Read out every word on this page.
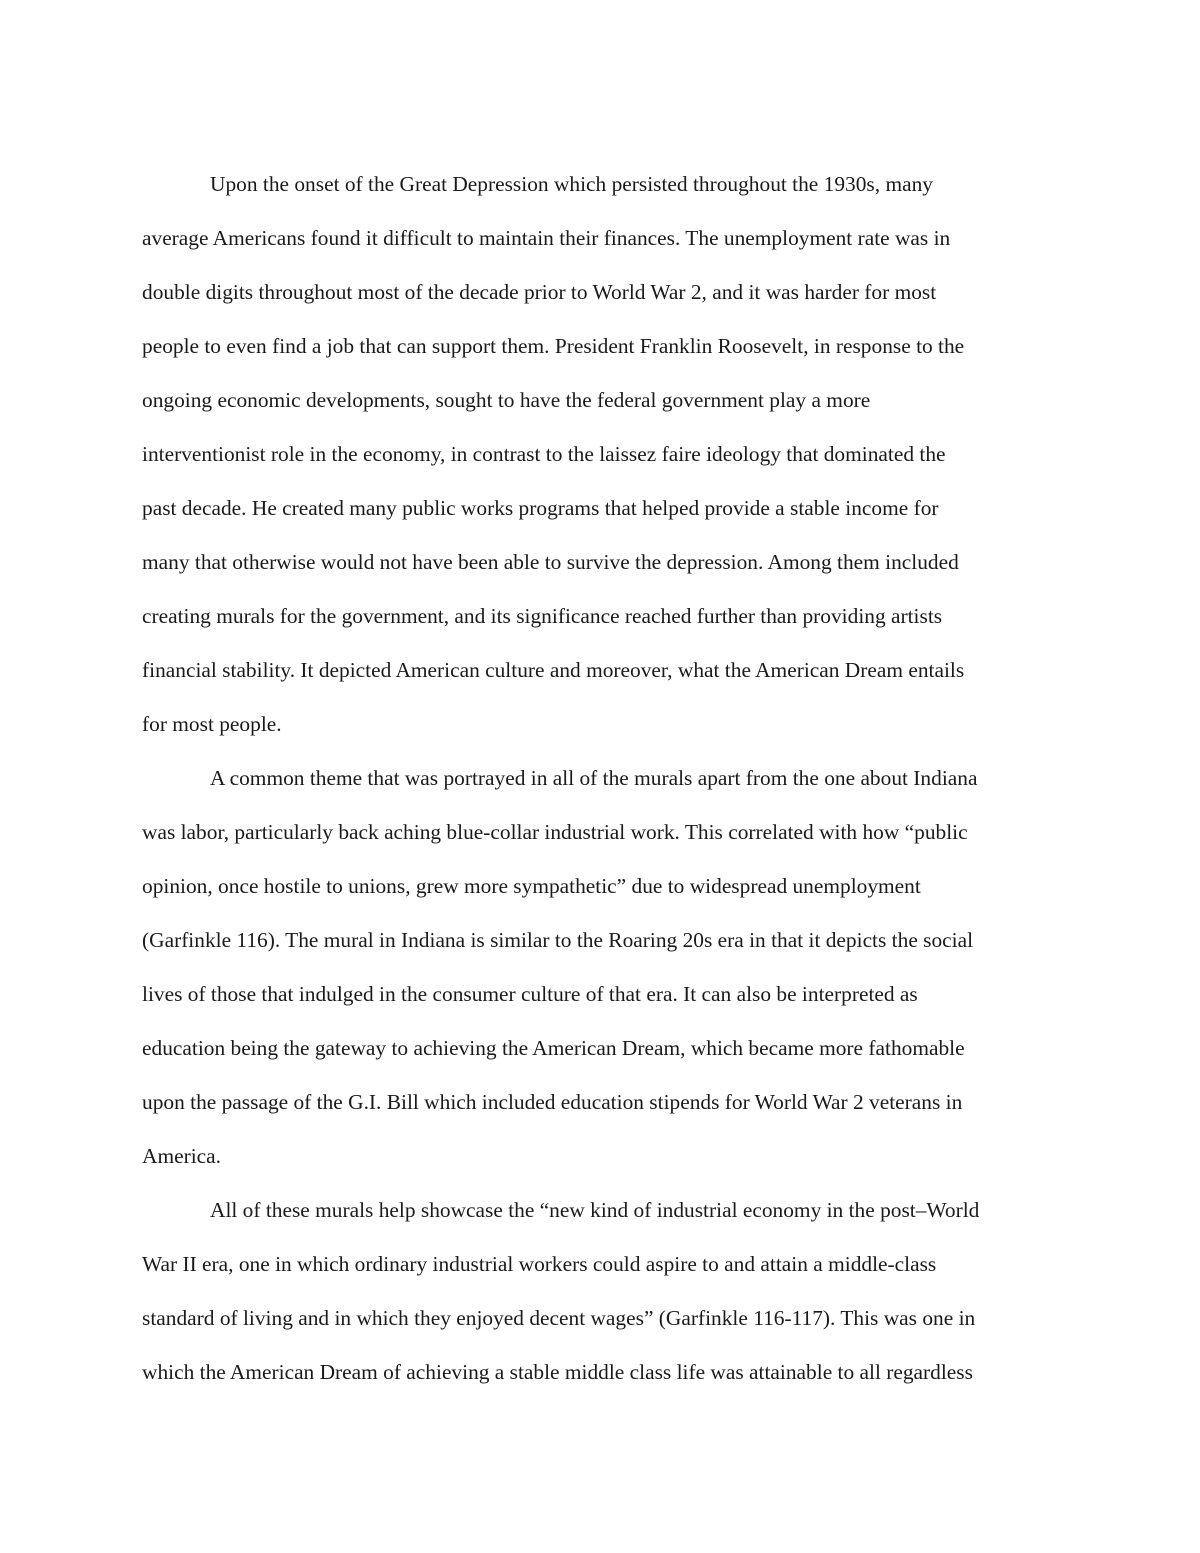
Upon the onset of the Great Depression which persisted throughout the 1930s, many
average Americans found it difficult to maintain their finances. The unemployment rate was in
double digits throughout most of the decade prior to World War 2, and it was harder for most
people to even find a job that can support them. President Franklin Roosevelt, in response to the
ongoing economic developments, sought to have the federal government play a more
interventionist role in the economy, in contrast to the laissez faire ideology that dominated the
past decade. He created many public works programs that helped provide a stable income for
many that otherwise would not have been able to survive the depression. Among them included
creating murals for the government, and its significance reached further than providing artists
financial stability. It depicted American culture and moreover, what the American Dream entails
for most people.
A common theme that was portrayed in all of the murals apart from the one about Indiana
was labor, particularly back aching blue-collar industrial work. This correlated with how “public
opinion, once hostile to unions, grew more sympathetic” due to widespread unemployment
(Garfinkle 116). The mural in Indiana is similar to the Roaring 20s era in that it depicts the social
lives of those that indulged in the consumer culture of that era. It can also be interpreted as
education being the gateway to achieving the American Dream, which became more fathomable
upon the passage of the G.I. Bill which included education stipends for World War 2 veterans in
America.
All of these murals help showcase the “new kind of industrial economy in the post–World
War II era, one in which ordinary industrial workers could aspire to and attain a middle-class
standard of living and in which they enjoyed decent wages” (Garfinkle 116-117). This was one in
which the American Dream of achieving a stable middle class life was attainable to all regardless
